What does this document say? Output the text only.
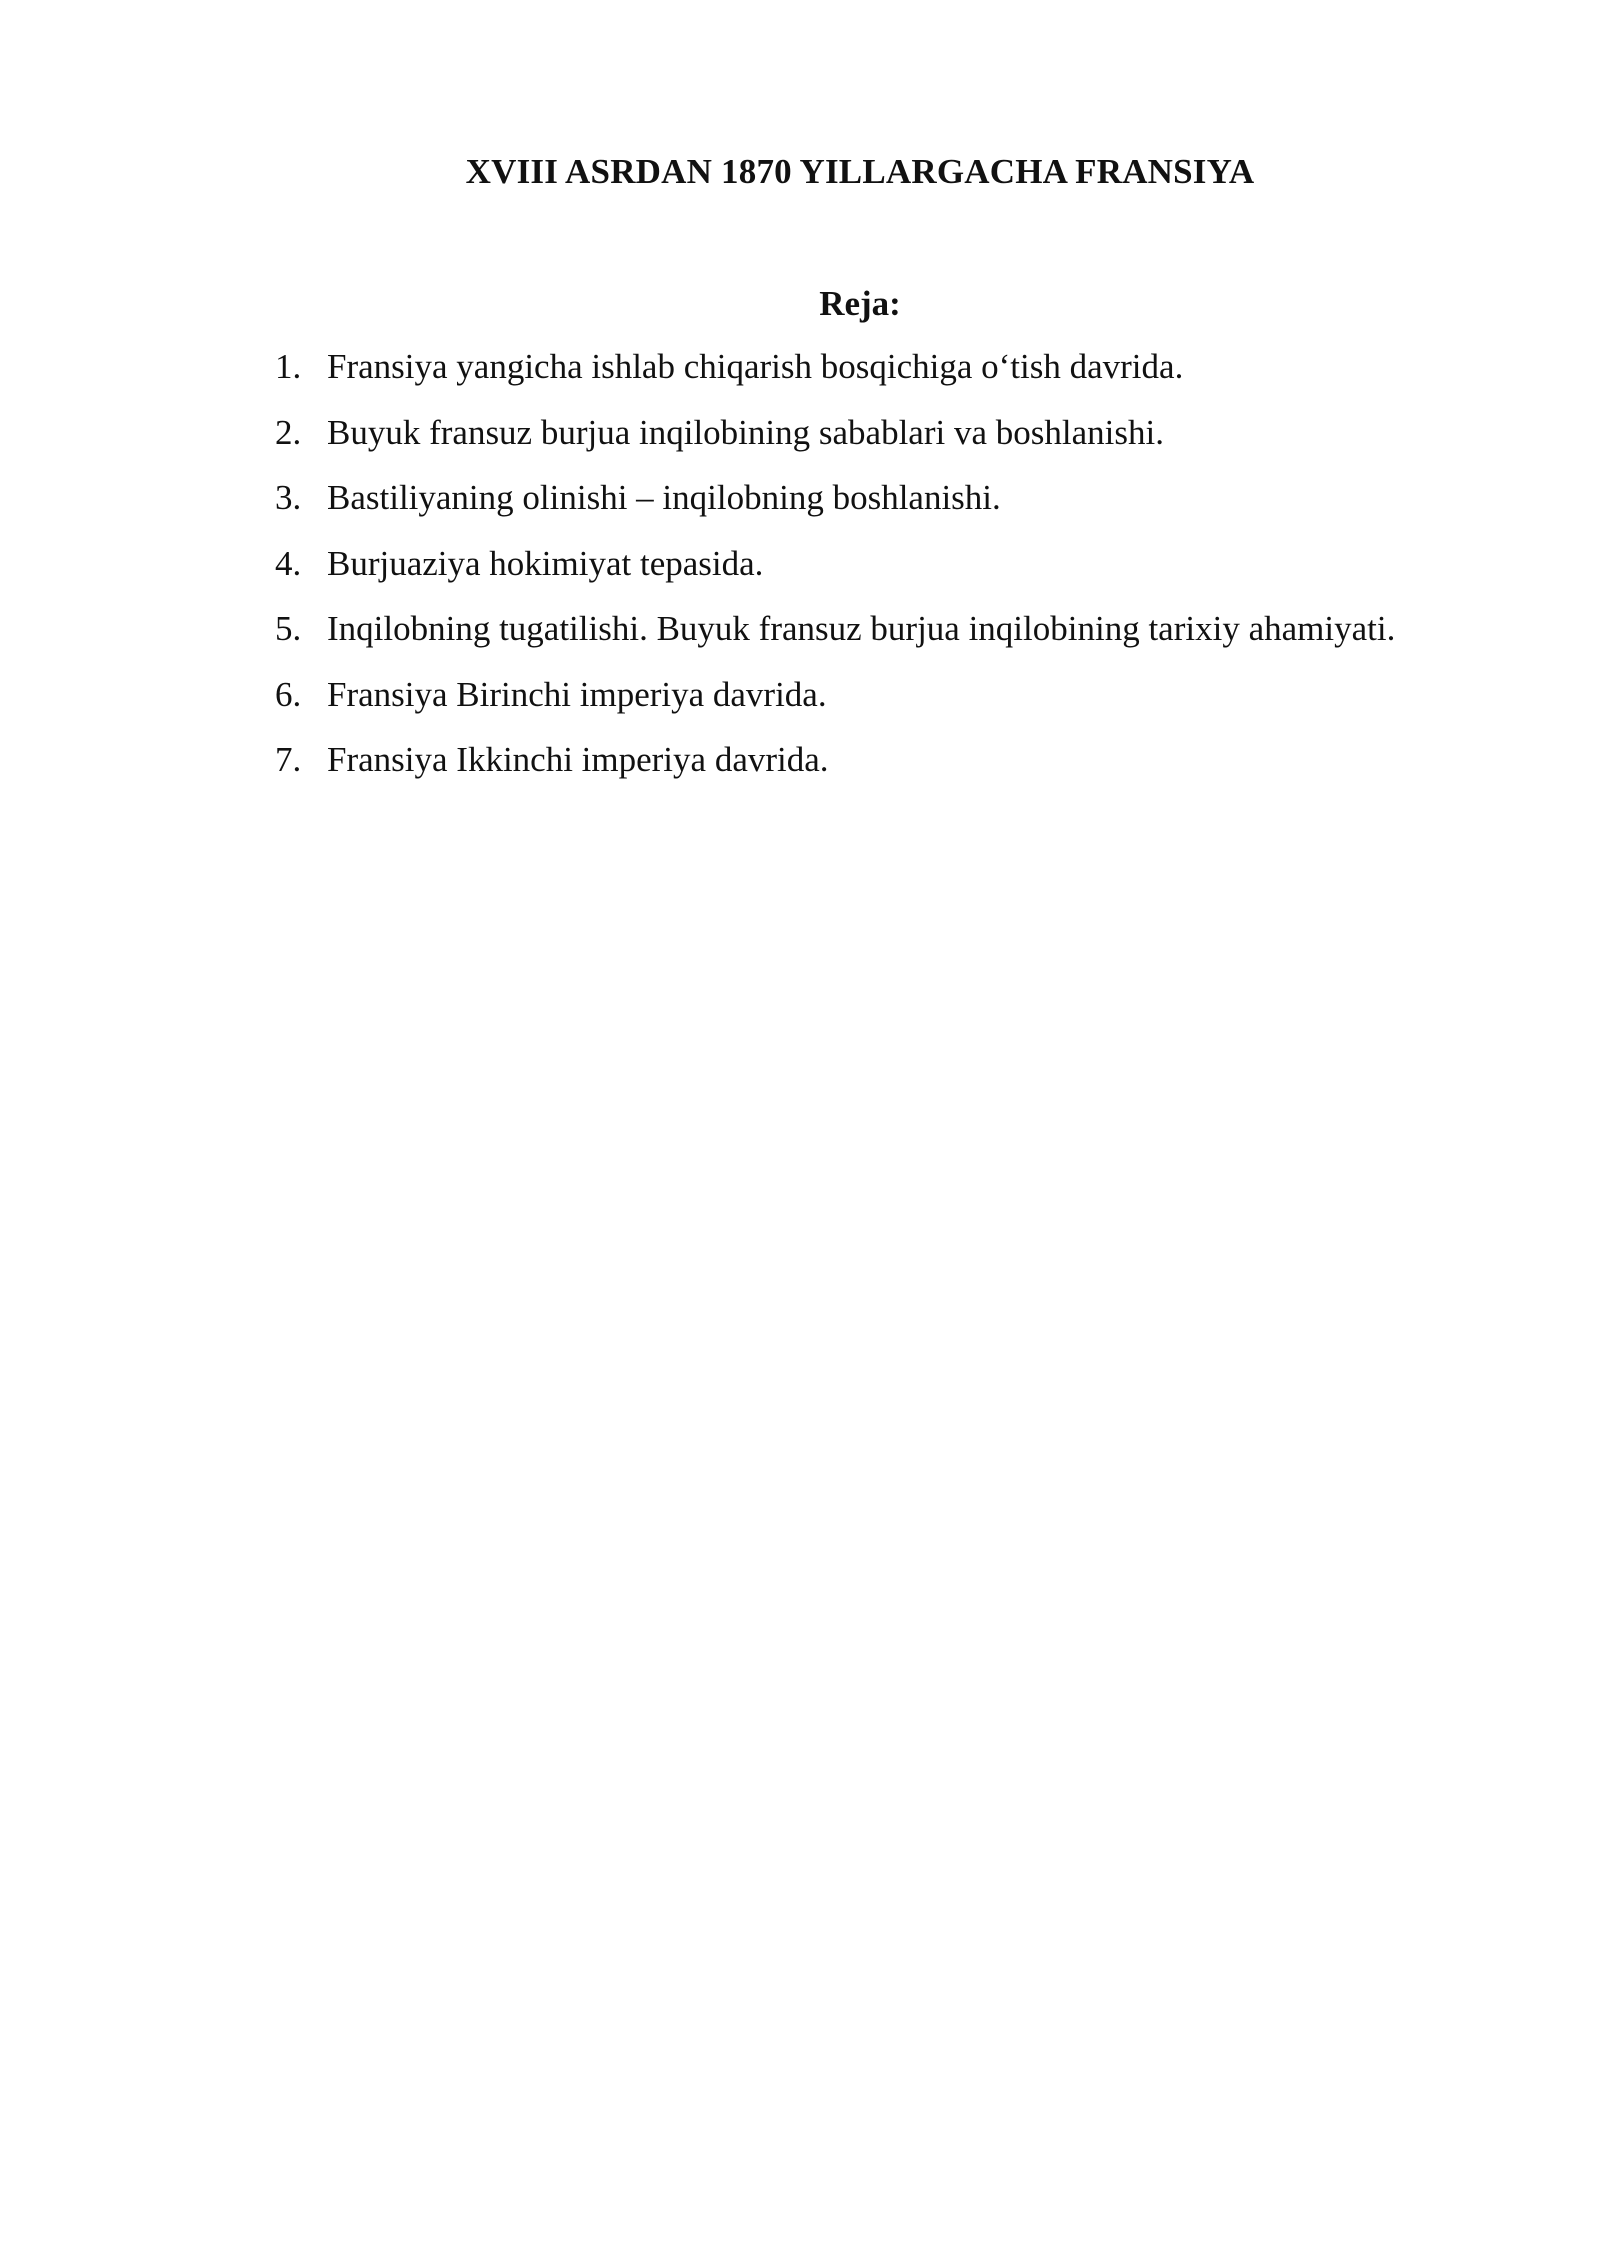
XVIII ASRDAN 1870 YILLARGACHA FRANSIYA
Reja:
1. Fransiya yangicha ishlab chiqarish bosqichiga o‘tish davrida.
2. Buyuk fransuz burjua inqilobining sabablari va boshlanishi.
3. Bastiliyaning olinishi – inqilobning boshlanishi.
4. Burjuaziya hokimiyat tepasida.
5. Inqilobning tugatilishi. Buyuk fransuz burjua inqilobining tarixiy ahamiyati.
6. Fransiya Birinchi imperiya davrida.
7. Fransiya Ikkinchi imperiya davrida.
